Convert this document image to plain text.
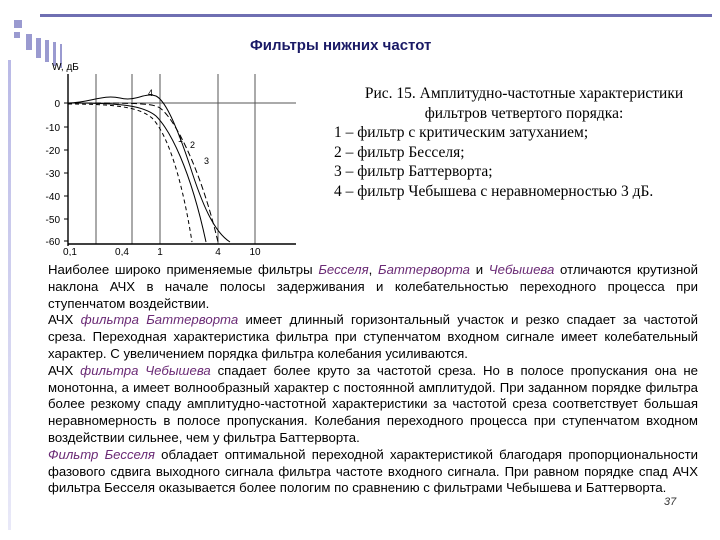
Фильтры нижних частот
W, дБ
0
-10
-20
-30
-40
-50
-60
0,1	0,4	1	4	10
1
2
3
4	Рис. 15. Амплитудно-частотные характеристики фильтров четвертого порядка:
1 – фильтр с критическим затуханием;
2 – фильтр Бесселя;
3 – фильтр Баттерворта;
4 – фильтр Чебышева с неравномерностью 3 дБ.

Наиболее широко применяемые фильтры Бесселя, Баттерворта и Чебышева отличаются крутизной наклона АЧХ в начале полосы задерживания и колебательностью переходного процесса при ступенчатом воздействии.

АЧХ фильтра Баттерворта имеет длинный горизонтальный участок и резко спадает за частотой среза. Переходная характеристика фильтра при ступенчатом входном сигнале имеет колебательный характер. С увеличением порядка фильтра колебания усиливаются.

АЧХ фильтра Чебышева спадает более круто за частотой среза. Но в полосе пропускания она не монотонна, а имеет волнообразный характер с постоянной амплитудой. При заданном порядке фильтра более резкому спаду амплитудно-частотной характеристики за частотой среза соответствует большая неравномерность в полосе пропускания. Колебания переходного процесса при ступенчатом входном воздействии сильнее, чем у фильтра Баттерворта.

Фильтр Бесселя обладает оптимальной переходной характеристикой благодаря пропорциональности фазового сдвига выходного сигнала фильтра частоте входного сигнала. При равном порядке спад АЧХ фильтра Бесселя оказывается более пологим по сравнению с фильтрами Чебышева и Баттерворта.

37
